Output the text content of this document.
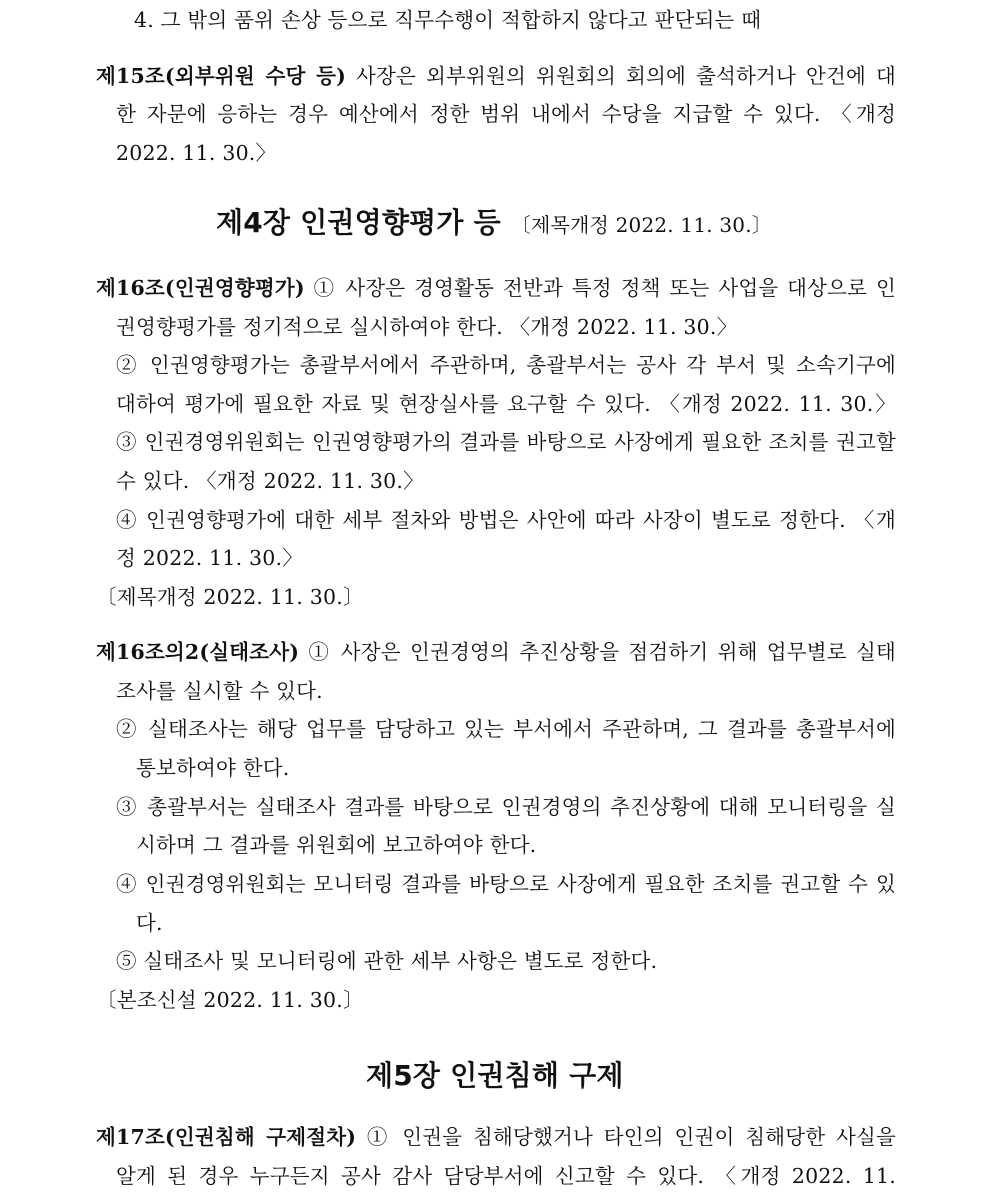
4. 그 밖의 품위 손상 등으로 직무수행이 적합하지 않다고 판단되는 때
제15조(외부위원 수당 등) 사장은 외부위원의 위원회의 회의에 출석하거나 안건에 대
한 자문에 응하는 경우 예산에서 정한 범위 내에서 수당을 지급할 수 있다. 〈개정
2022. 11. 30.〉
제4장 인권영향평가 등 〔제목개정 2022. 11. 30.〕
제16조(인권영향평가) ① 사장은 경영활동 전반과 특정 정책 또는 사업을 대상으로 인
권영향평가를 정기적으로 실시하여야 한다. 〈개정 2022. 11. 30.〉
② 인권영향평가는 총괄부서에서 주관하며, 총괄부서는 공사 각 부서 및 소속기구에
대하여 평가에 필요한 자료 및 현장실사를 요구할 수 있다. 〈개정 2022. 11. 30.〉
③ 인권경영위원회는 인권영향평가의 결과를 바탕으로 사장에게 필요한 조치를 권고할
수 있다. 〈개정 2022. 11. 30.〉
④ 인권영향평가에 대한 세부 절차와 방법은 사안에 따라 사장이 별도로 정한다. 〈개
정 2022. 11. 30.〉
〔제목개정 2022. 11. 30.〕
제16조의2(실태조사) ① 사장은 인권경영의 추진상황을 점검하기 위해 업무별로 실태
조사를 실시할 수 있다.
② 실태조사는 해당 업무를 담당하고 있는 부서에서 주관하며, 그 결과를 총괄부서에
통보하여야 한다.
③ 총괄부서는 실태조사 결과를 바탕으로 인권경영의 추진상황에 대해 모니터링을 실
시하며 그 결과를 위원회에 보고하여야 한다.
④ 인권경영위원회는 모니터링 결과를 바탕으로 사장에게 필요한 조치를 권고할 수 있
다.
⑤ 실태조사 및 모니터링에 관한 세부 사항은 별도로 정한다.
〔본조신설 2022. 11. 30.〕
제5장 인권침해 구제
제17조(인권침해 구제절차) ① 인권을 침해당했거나 타인의 인권이 침해당한 사실을
알게 된 경우 누구든지 공사 감사 담당부서에 신고할 수 있다. 〈개정 2022. 11.
